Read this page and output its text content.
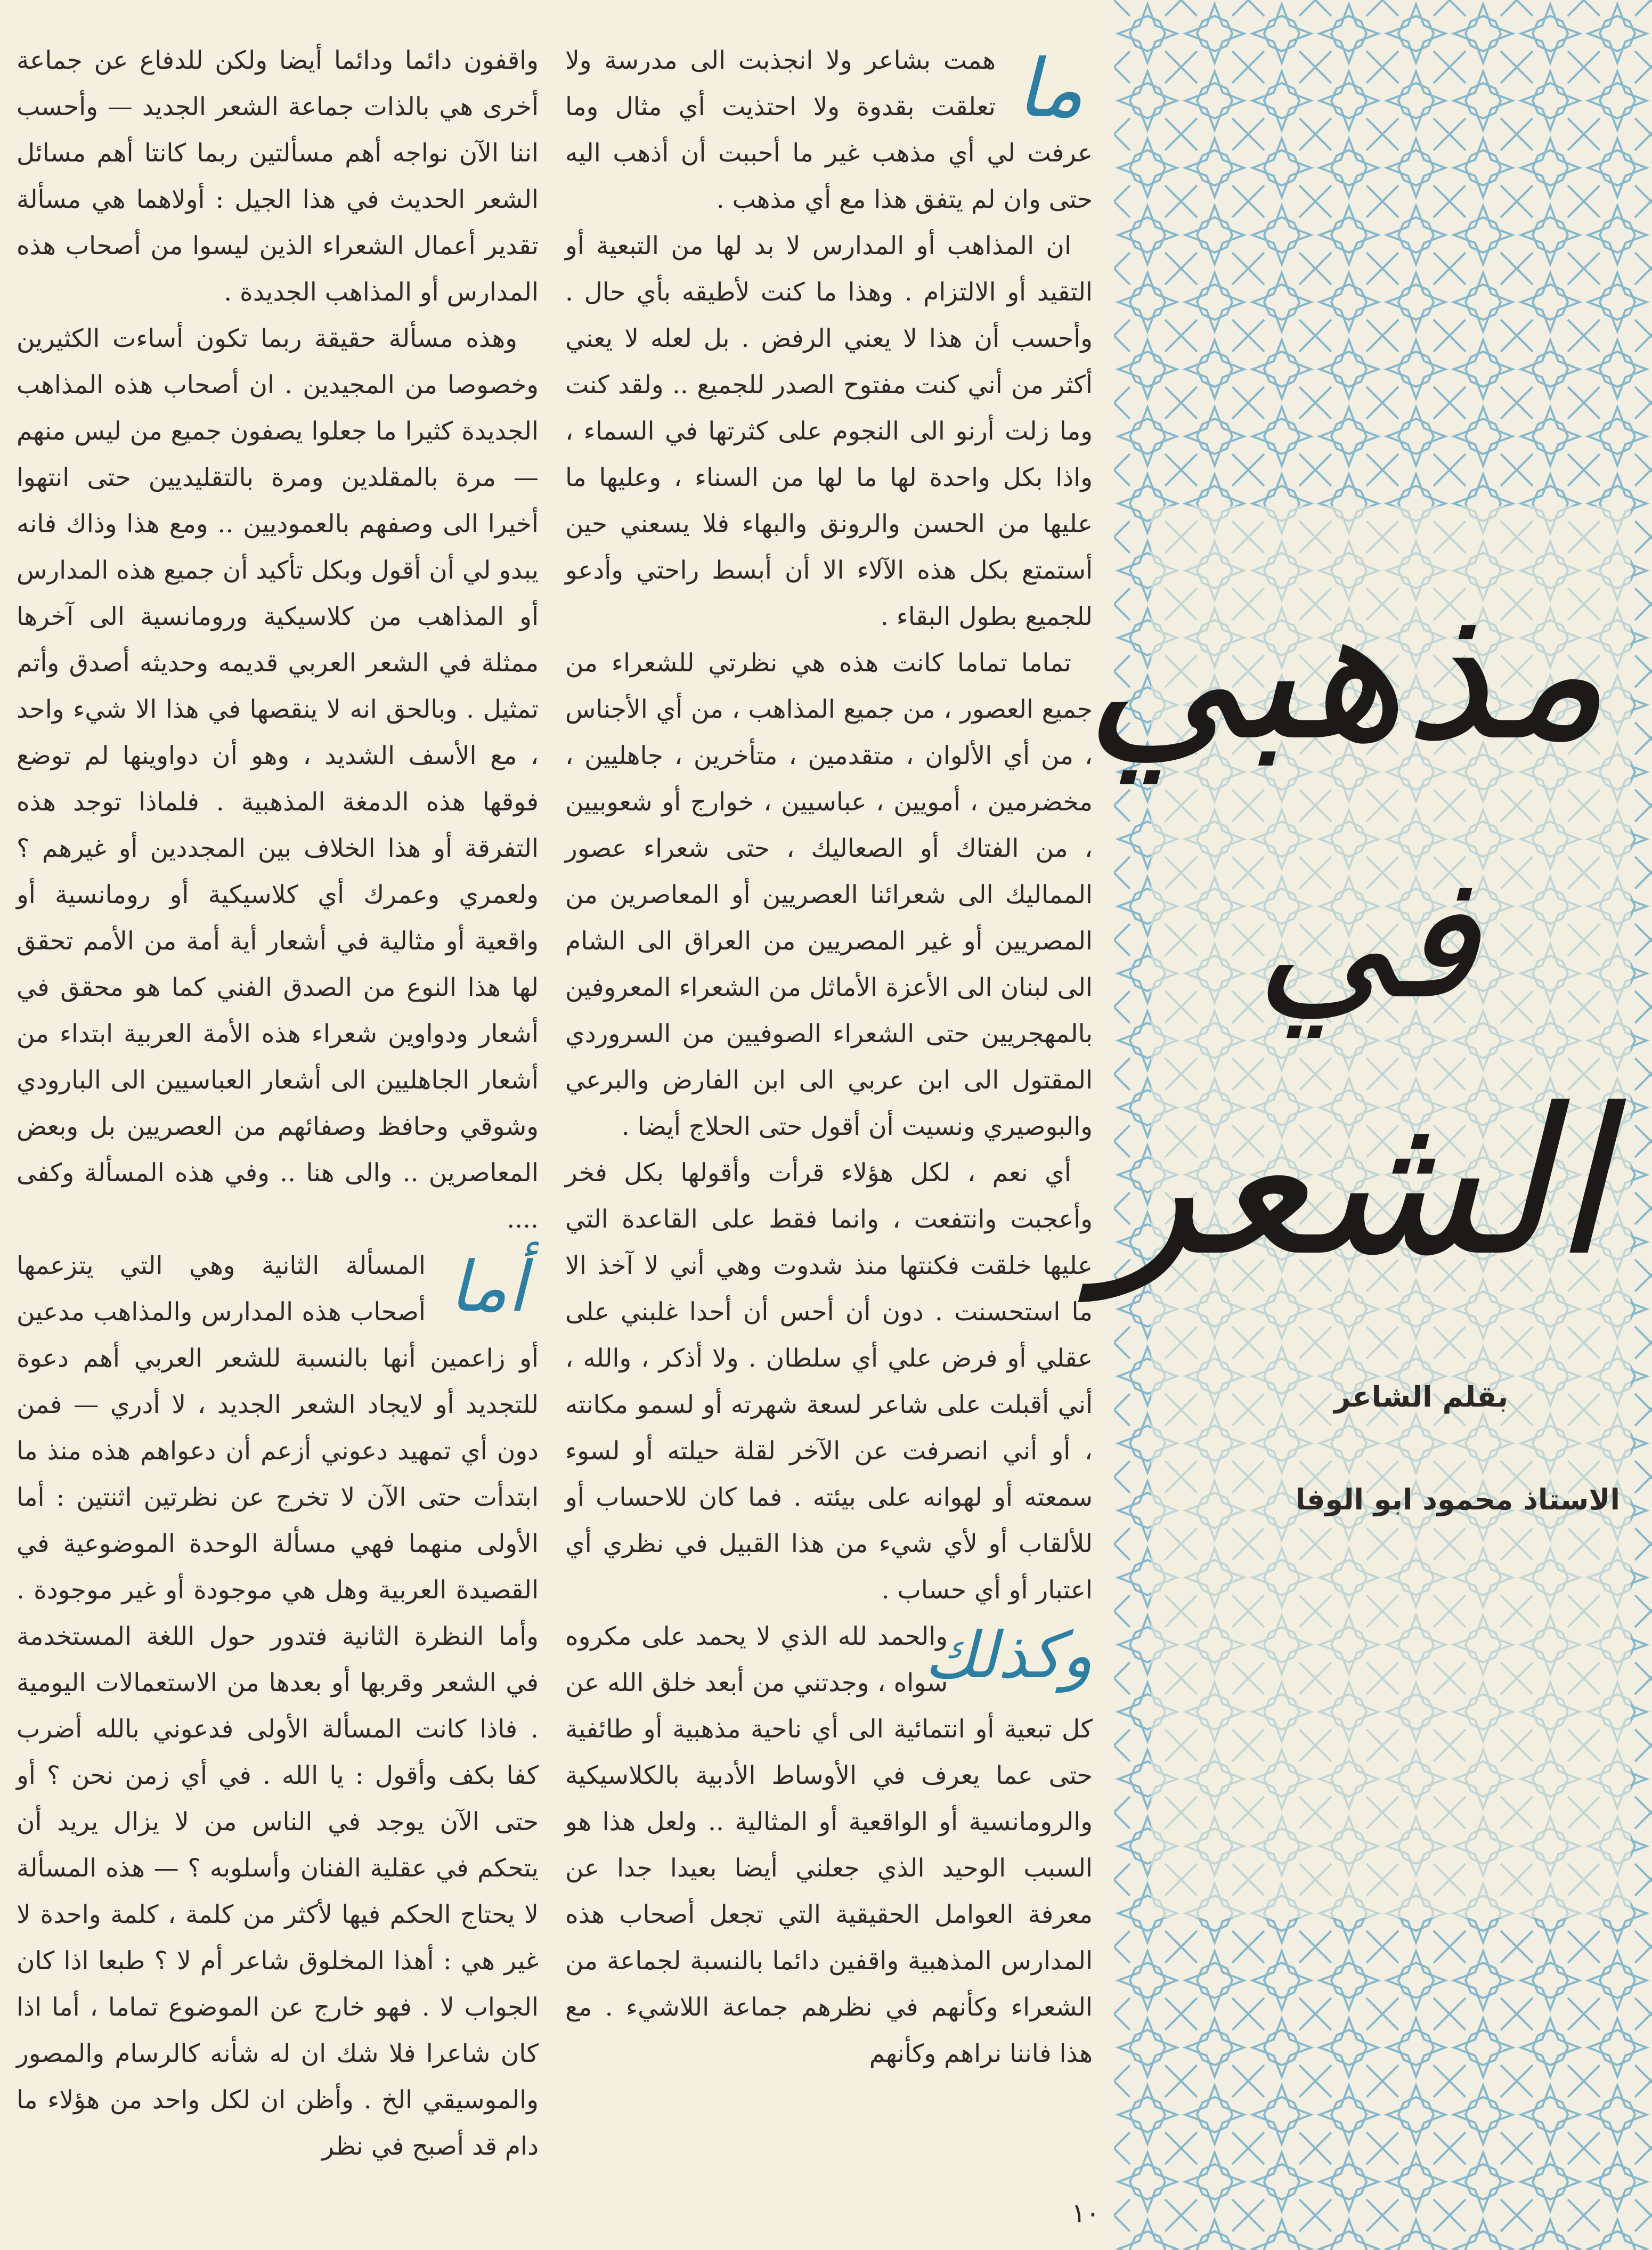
مذهبي
في
الشعر
بقلم الشاعر
الاستاذ محمود ابو الوفا
ما

همت بشاعر ولا انجذبت الى مدرسة ولا تعلقت بقدوة ولا احتذيت أي مثال وما عرفت لي أي مذهب غير ما أحببت أن أذهب اليه حتى وان لم يتفق هذا مع أي مذهب .

ان المذاهب أو المدارس لا بد لها من التبعية أو التقيد أو الالتزام . وهذا ما كنت لأطيقه بأي حال . وأحسب أن هذا لا يعني الرفض . بل لعله لا يعني أكثر من أني كنت مفتوح الصدر للجميع .. ولقد كنت وما زلت أرنو الى النجوم على كثرتها في السماء ، واذا بكل واحدة لها ما لها من السناء ، وعليها ما عليها من الحسن والرونق والبهاء فلا يسعني حين أستمتع بكل هذه الآلاء الا أن أبسط راحتي وأدعو للجميع بطول البقاء .

تماما تماما كانت هذه هي نظرتي للشعراء من جميع العصور ، من جميع المذاهب ، من أي الأجناس ، من أي الألوان ، متقدمين ، متأخرين ، جاهليين ، مخضرمين ، أمويين ، عباسيين ، خوارج أو شعوبيين ، من الفتاك أو الصعاليك ، حتى شعراء عصور المماليك الى شعرائنا العصريين أو المعاصرين من المصريين أو غير المصريين من العراق الى الشام الى لبنان الى الأعزة الأماثل من الشعراء المعروفين بالمهجريين حتى الشعراء الصوفيين من السروردي المقتول الى ابن عربي الى ابن الفارض والبرعي والبوصيري ونسيت أن أقول حتى الحلاج أيضا .

أي نعم ، لكل هؤلاء قرأت وأقولها بكل فخر وأعجبت وانتفعت ، وانما فقط على القاعدة التي عليها خلقت فكنتها منذ شدوت وهي أني لا آخذ الا ما استحسنت . دون أن أحس أن أحدا غلبني على عقلي أو فرض علي أي سلطان . ولا أذكر ، والله ، أني أقبلت على شاعر لسعة شهرته أو لسمو مكانته ، أو أني انصرفت عن الآخر لقلة حيلته أو لسوء سمعته أو لهوانه على بيئته . فما كان للاحساب أو للألقاب أو لأي شيء من هذا القبيل في نظري أي اعتبار أو أي حساب .

وكذلك

والحمد لله الذي لا يحمد على مكروه سواه ، وجدتني من أبعد خلق الله عن كل تبعية أو انتمائية الى أي ناحية مذهبية أو طائفية حتى عما يعرف في الأوساط الأدبية بالكلاسيكية والرومانسية أو الواقعية أو المثالية .. ولعل هذا هو السبب الوحيد الذي جعلني أيضا بعيدا جدا عن معرفة العوامل الحقيقية التي تجعل أصحاب هذه المدارس المذهبية واقفين دائما بالنسبة لجماعة من الشعراء وكأنهم في نظرهم جماعة اللاشيء . مع هذا فاننا نراهم وكأنهم

واقفون دائما ودائما أيضا ولكن للدفاع عن جماعة أخرى هي بالذات جماعة الشعر الجديد — وأحسب اننا الآن نواجه أهم مسألتين ربما كانتا أهم مسائل الشعر الحديث في هذا الجيل : أولاهما هي مسألة تقدير أعمال الشعراء الذين ليسوا من أصحاب هذه المدارس أو المذاهب الجديدة .

وهذه مسألة حقيقة ربما تكون أساءت الكثيرين وخصوصا من المجيدين . ان أصحاب هذه المذاهب الجديدة كثيرا ما جعلوا يصفون جميع من ليس منهم — مرة بالمقلدين ومرة بالتقليديين حتى انتهوا أخيرا الى وصفهم بالعموديين .. ومع هذا وذاك فانه يبدو لي أن أقول وبكل تأكيد أن جميع هذه المدارس أو المذاهب من كلاسيكية ورومانسية الى آخرها ممثلة في الشعر العربي قديمه وحديثه أصدق وأتم تمثيل . وبالحق انه لا ينقصها في هذا الا شيء واحد ، مع الأسف الشديد ، وهو أن دواوينها لم توضع فوقها هذه الدمغة المذهبية . فلماذا توجد هذه التفرقة أو هذا الخلاف بين المجددين أو غيرهم ؟ ولعمري وعمرك أي كلاسيكية أو رومانسية أو واقعية أو مثالية في أشعار أية أمة من الأمم تحقق لها هذا النوع من الصدق الفني كما هو محقق في أشعار ودواوين شعراء هذه الأمة العربية ابتداء من أشعار الجاهليين الى أشعار العباسيين الى البارودي وشوقي وحافظ وصفائهم من العصريين بل وبعض المعاصرين .. والى هنا .. وفي هذه المسألة وكفى ....

أما

المسألة الثانية وهي التي يتزعمها أصحاب هذه المدارس والمذاهب مدعين أو زاعمين أنها بالنسبة للشعر العربي أهم دعوة للتجديد أو لايجاد الشعر الجديد ، لا أدري — فمن دون أي تمهيد دعوني أزعم أن دعواهم هذه منذ ما ابتدأت حتى الآن لا تخرج عن نظرتين اثنتين : أما الأولى منهما فهي مسألة الوحدة الموضوعية في القصيدة العربية وهل هي موجودة أو غير موجودة . وأما النظرة الثانية فتدور حول اللغة المستخدمة في الشعر وقربها أو بعدها من الاستعمالات اليومية . فاذا كانت المسألة الأولى فدعوني بالله أضرب كفا بكف وأقول : يا الله . في أي زمن نحن ؟ أو حتى الآن يوجد في الناس من لا يزال يريد أن يتحكم في عقلية الفنان وأسلوبه ؟ — هذه المسألة لا يحتاج الحكم فيها لأكثر من كلمة ، كلمة واحدة لا غير هي : أهذا المخلوق شاعر أم لا ؟ طبعا اذا كان الجواب لا . فهو خارج عن الموضوع تماما ، أما اذا كان شاعرا فلا شك ان له شأنه كالرسام والمصور والموسيقي الخ . وأظن ان لكل واحد من هؤلاء ما دام قد أصبح في نظر

١٠
